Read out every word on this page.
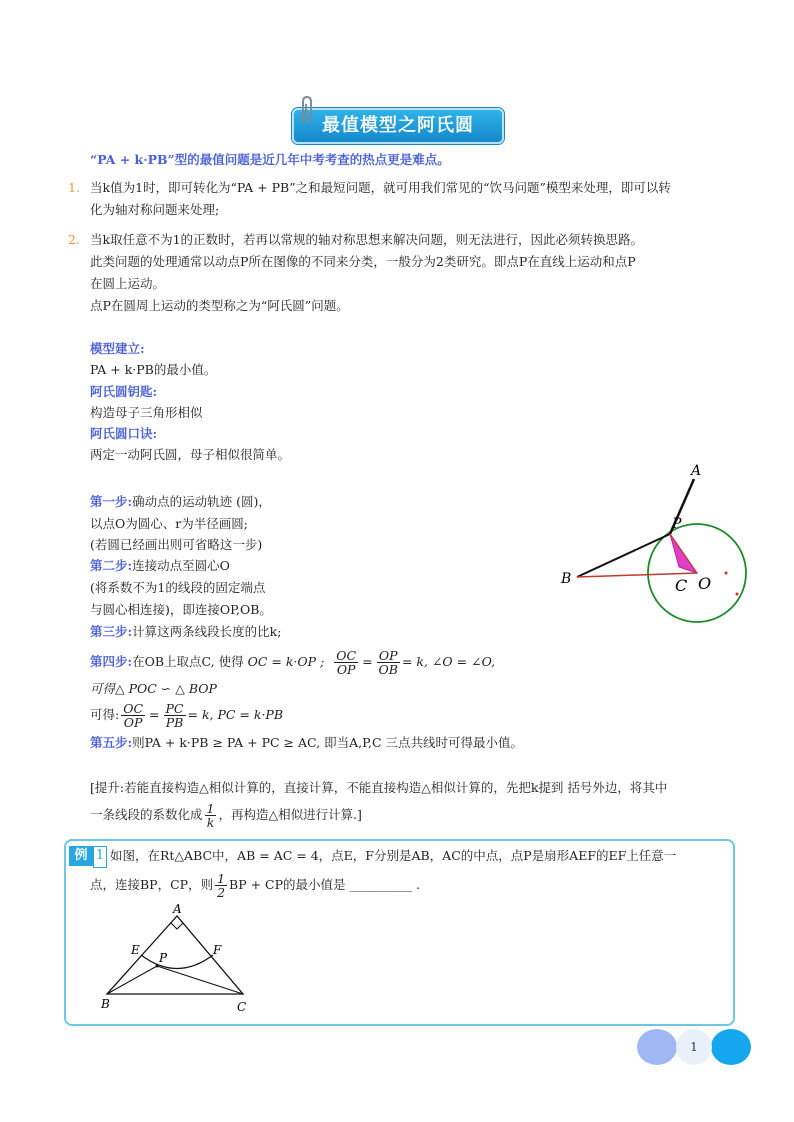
最值模型之阿氏圆
“PA + k·PB”型的最值问题是近几年中考考查的热点更是难点。
1. 当k值为1时，即可转化为“PA + PB”之和最短问题，就可用我们常见的“饮马问题”模型来处理，即可以转
化为轴对称问题来处理;
2. 当k取任意不为1的正数时，若再以常规的轴对称思想来解决问题，则无法进行，因此必须转换思路。
此类问题的处理通常以动点P所在图像的不同来分类，一般分为2类研究。即点P在直线上运动和点P
在圆上运动。
点P在圆周上运动的类型称之为“阿氏圆”问题。
模型建立:
PA + k·PB的最小值。
阿氏圆钥匙:
构造母子三角形相似
阿氏圆口诀:
两定一动阿氏圆，母子相似很简单。
第一步:确动点的运动轨迹 (圆)，
以点O为圆心、r为半径画圆;
(若圆已经画出则可省略这一步)
第二步:连接动点至圆心O
(将系数不为1的线段的固定端点
与圆心相连接)，即连接OP,OB。
第三步:计算这两条线段长度的比k;
第四步: 在OB上取点C, 使得 OC = k·OP ; $\frac{OC}{OP} = \frac{OP}{OB} = k$, ∠O = ∠O,
可得△ POC ∽ △ BOP
可得: $\frac{OC}{OP} = \frac{PC}{PB} = k$, PC = k·PB
第五步:则PA + k·PB ≥ PA + PC ≥ AC, 即当A,P,C 三点共线时可得最小值。
[提升:若能直接构造△相似计算的，直接计算，不能直接构造△相似计算的，先把k提到 括号外边，将其中
一条线段的系数化成 $\frac{1}{k}$ ，再构造△相似进行计算.]
A
P
B	C O
例 1 如图，在Rt△ABC中，AB = AC = 4，点E，F分别是AB，AC的中点，点P是扇形AEF的EF上任意一
点，连接BP，CP，则 $\frac{1}{2}$ BP + CP的最小值是 __________ .
A
E	F
P
B	C
1
